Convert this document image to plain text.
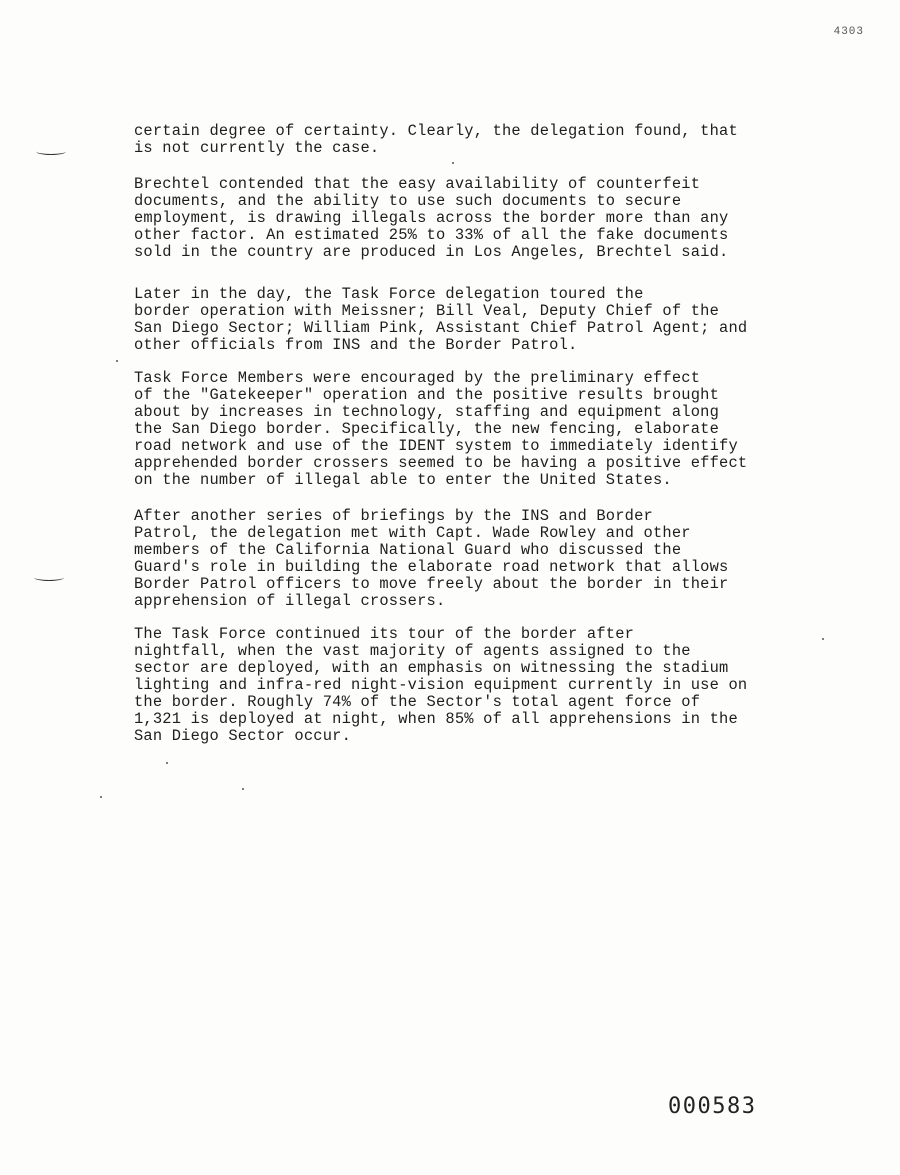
4303

certain degree of certainty. Clearly, the delegation found, that
is not currently the case.

Brechtel contended that the easy availability of counterfeit
documents, and the ability to use such documents to secure
employment, is drawing illegals across the border more than any
other factor. An estimated 25% to 33% of all the fake documents
sold in the country are produced in Los Angeles, Brechtel said.

Later in the day, the Task Force delegation toured the
border operation with Meissner; Bill Veal, Deputy Chief of the
San Diego Sector; William Pink, Assistant Chief Patrol Agent; and
other officials from INS and the Border Patrol.

Task Force Members were encouraged by the preliminary effect
of the "Gatekeeper" operation and the positive results brought
about by increases in technology, staffing and equipment along
the San Diego border. Specifically, the new fencing, elaborate
road network and use of the IDENT system to immediately identify
apprehended border crossers seemed to be having a positive effect
on the number of illegal able to enter the United States.

After another series of briefings by the INS and Border
Patrol, the delegation met with Capt. Wade Rowley and other
members of the California National Guard who discussed the
Guard's role in building the elaborate road network that allows
Border Patrol officers to move freely about the border in their
apprehension of illegal crossers.

The Task Force continued its tour of the border after
nightfall, when the vast majority of agents assigned to the
sector are deployed, with an emphasis on witnessing the stadium
lighting and infra-red night-vision equipment currently in use on
the border. Roughly 74% of the Sector's total agent force of
1,321 is deployed at night, when 85% of all apprehensions in the
San Diego Sector occur.

000583
